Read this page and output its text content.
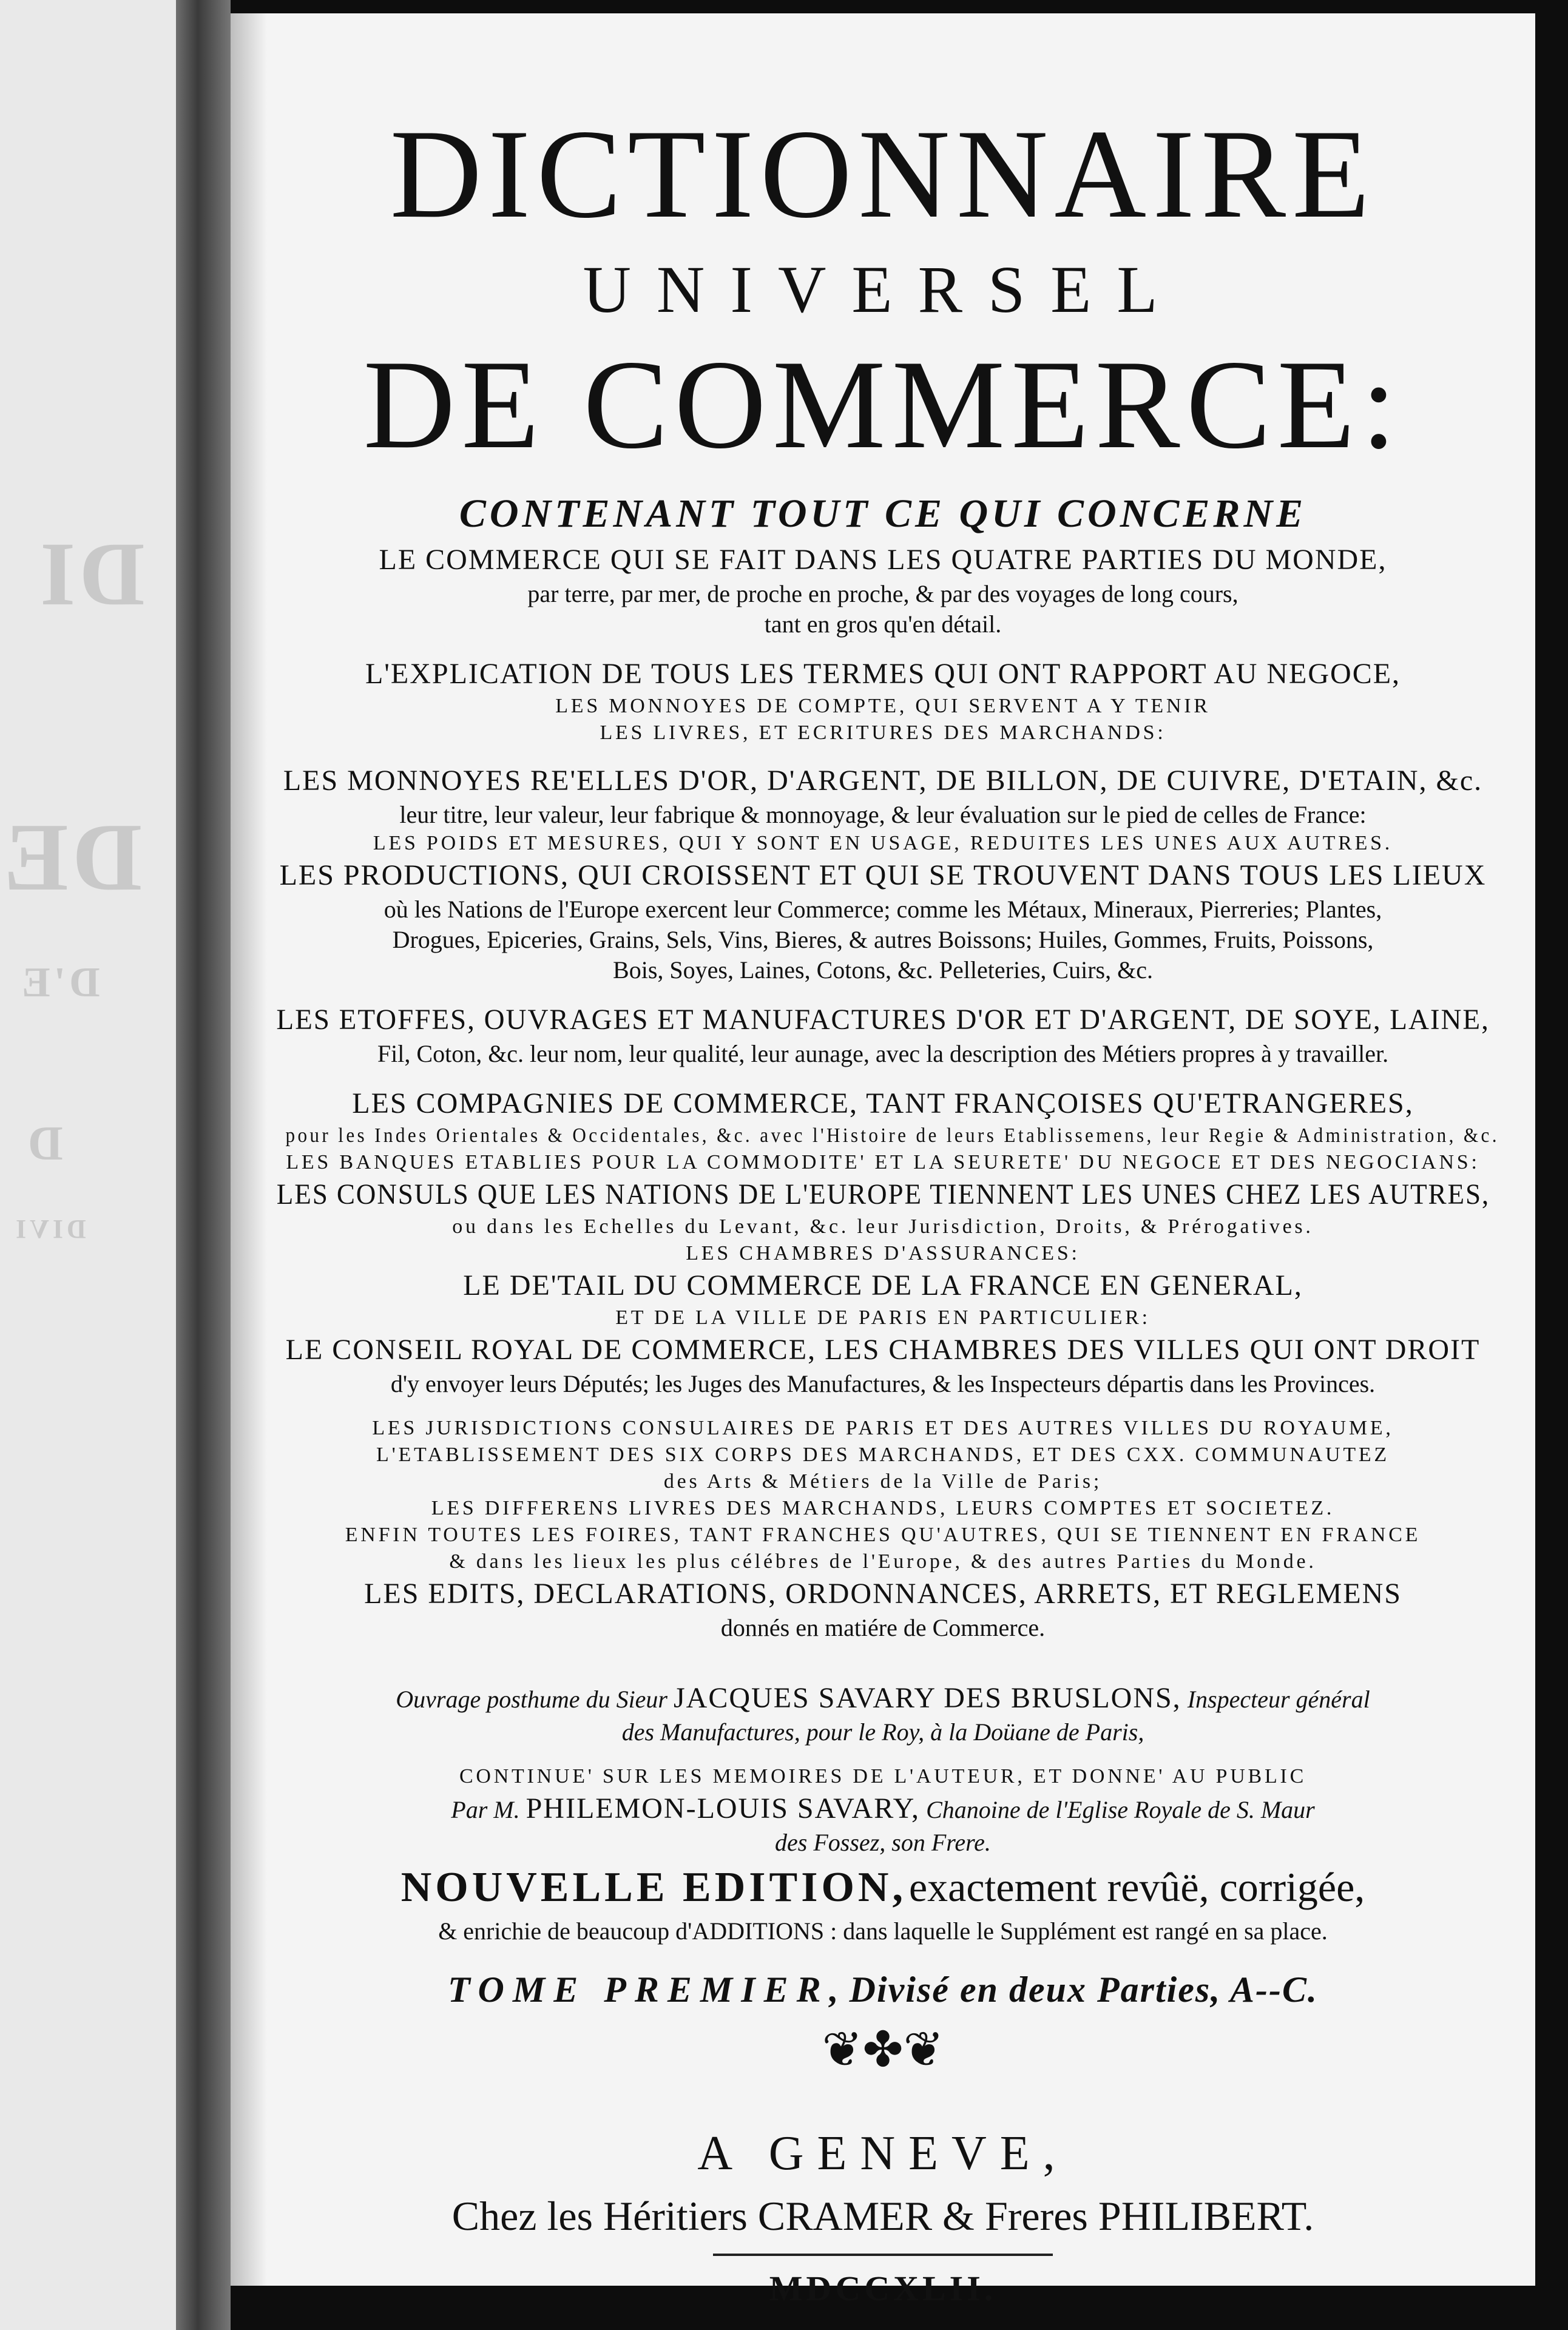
DI
DE
D'E
D
DIVI
DICTIONNAIRE
UNIVERSEL
DE COMMERCE:
CONTENANT TOUT CE QUI CONCERNE
LE COMMERCE QUI SE FAIT DANS LES QUATRE PARTIES DU MONDE,
par terre, par mer, de proche en proche, & par des voyages de long cours,
tant en gros qu'en détail.
L'EXPLICATION DE TOUS LES TERMES QUI ONT RAPPORT AU NEGOCE,
LES MONNOYES DE COMPTE, QUI SERVENT A Y TENIR
LES LIVRES, ET ECRITURES DES MARCHANDS:
LES MONNOYES RE'ELLES D'OR, D'ARGENT, DE BILLON, DE CUIVRE, D'ETAIN, &c.
leur titre, leur valeur, leur fabrique & monnoyage, & leur évaluation sur le pied de celles de France:
LES POIDS ET MESURES, QUI Y SONT EN USAGE, REDUITES LES UNES AUX AUTRES.
LES PRODUCTIONS, QUI CROISSENT ET QUI SE TROUVENT DANS TOUS LES LIEUX
où les Nations de l'Europe exercent leur Commerce; comme les Métaux, Mineraux, Pierreries; Plantes,
Drogues, Epiceries, Grains, Sels, Vins, Bieres, & autres Boissons; Huiles, Gommes, Fruits, Poissons,
Bois, Soyes, Laines, Cotons, &c. Pelleteries, Cuirs, &c.
LES ETOFFES, OUVRAGES ET MANUFACTURES D'OR ET D'ARGENT, DE SOYE, LAINE,
Fil, Coton, &c. leur nom, leur qualité, leur aunage, avec la description des Métiers propres à y travailler.
LES COMPAGNIES DE COMMERCE, TANT FRANÇOISES QU'ETRANGERES,
pour les Indes Orientales & Occidentales, &c. avec l'Histoire de leurs Etablissemens, leur Regie & Administration, &c.
LES BANQUES ETABLIES POUR LA COMMODITE' ET LA SEURETE' DU NEGOCE ET DES NEGOCIANS:
LES CONSULS QUE LES NATIONS DE L'EUROPE TIENNENT LES UNES CHEZ LES AUTRES,
ou dans les Echelles du Levant, &c. leur Jurisdiction, Droits, & Prérogatives.
LES CHAMBRES D'ASSURANCES:
LE DE'TAIL DU COMMERCE DE LA FRANCE EN GENERAL,
ET DE LA VILLE DE PARIS EN PARTICULIER:
LE CONSEIL ROYAL DE COMMERCE, LES CHAMBRES DES VILLES QUI ONT DROIT
d'y envoyer leurs Députés; les Juges des Manufactures, & les Inspecteurs départis dans les Provinces.
LES JURISDICTIONS CONSULAIRES DE PARIS ET DES AUTRES VILLES DU ROYAUME,
L'ETABLISSEMENT DES SIX CORPS DES MARCHANDS, ET DES CXX. COMMUNAUTEZ
des Arts & Métiers de la Ville de Paris;
LES DIFFERENS LIVRES DES MARCHANDS, LEURS COMPTES ET SOCIETEZ.
ENFIN TOUTES LES FOIRES, TANT FRANCHES QU'AUTRES, QUI SE TIENNENT EN FRANCE
& dans les lieux les plus célébres de l'Europe, & des autres Parties du Monde.
LES EDITS, DECLARATIONS, ORDONNANCES, ARRETS, ET REGLEMENS
donnés en matiére de Commerce.
Ouvrage posthume du Sieur JACQUES SAVARY DES BRUSLONS, Inspecteur général
des Manufactures, pour le Roy, à la Doüane de Paris,
CONTINUE' SUR LES MEMOIRES DE L'AUTEUR, ET DONNE' AU PUBLIC
Par M. PHILEMON-LOUIS SAVARY, Chanoine de l'Eglise Royale de S. Maur
des Fossez, son Frere.
NOUVELLE EDITION, exactement revûë, corrigée,
& enrichie de beaucoup d'ADDITIONS : dans laquelle le Supplément est rangé en sa place.
TOME PREMIER, Divisé en deux Parties, A--C.
❦✤❦
A GENEVE,
Chez les Héritiers CRAMER & Freres PHILIBERT.
MDCCXLII.
